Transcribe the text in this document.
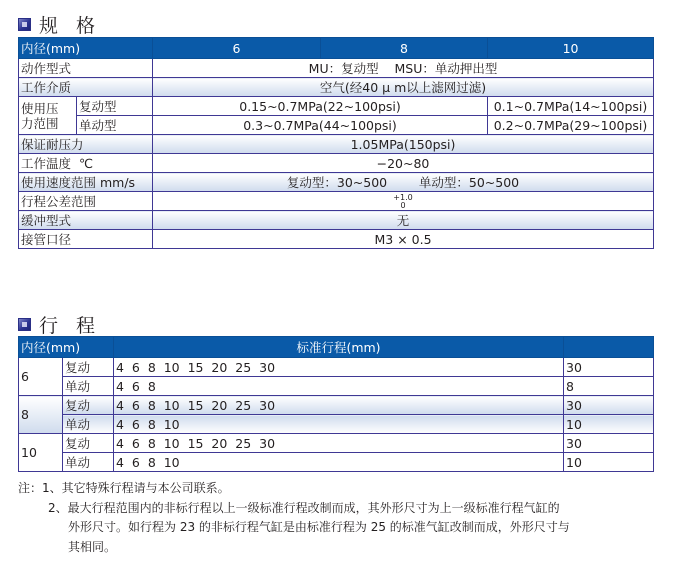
规 格
内径(mm)		6	8	10
动作型式		MU：复动型    MSU：单动押出型		
工作介质		空气(经40 μ m以上滤网过滤)		
使用压
力范围	复动型	0.15~0.7MPa(22~100psi)		0.1~0.7MPa(14~100psi)
	单动型	0.3~0.7MPa(44~100psi)		0.2~0.7MPa(29~100psi)
保证耐压力		1.05MPa(150psi)		
工作温度  ℃		−20~80		
使用速度范围 mm/s		复动型：30~500        单动型：50~500		
行程公差范围		+1.0
0		
缓冲型式		无		
接管口径		M3 × 0.5		
行 程
内径(mm)		标准行程(mm)	
6	复动	4  6  8  10  15  20  25  30	30
	单动	4  6  8	8
8	复动	4  6  8  10  15  20  25  30	30
	单动	4  6  8  10	10
10	复动	4  6  8  10  15  20  25  30	30
	单动	4  6  8  10	10
注：1、其它特殊行程请与本公司联系。
2、最大行程范围内的非标行程以上一级标准行程改制而成，其外形尺寸为上一级标准行程气缸的
外形尺寸。如行程为 23 的非标行程气缸是由标准行程为 25 的标准气缸改制而成，外形尺寸与
其相同。
